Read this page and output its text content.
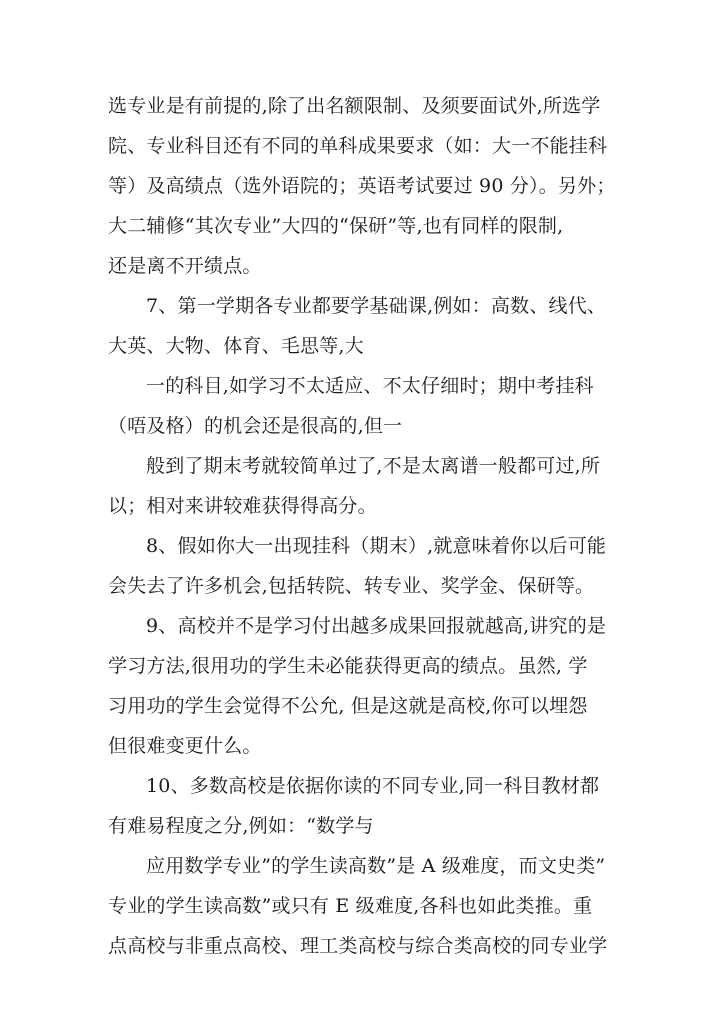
选专业是有前提的,除了出名额限制、及须要面试外,所选学
院、专业科目还有不同的单科成果要求（如：大一不能挂科
等）及高绩点（选外语院的；英语考试要过 90 分）。另外；
大二辅修“其次专业”大四的“保研”等,也有同样的限制,
还是离不开绩点。
7、第一学期各专业都要学基础课,例如：高数、线代、
大英、大物、体育、毛思等,大
一的科目,如学习不太适应、不太仔细时；期中考挂科
（唔及格）的机会还是很高的,但一
般到了期末考就较简单过了,不是太离谱一般都可过,所
以；相对来讲较难获得得高分。
8、假如你大一出现挂科（期末）,就意味着你以后可能
会失去了许多机会,包括转院、转专业、奖学金、保研等。
9、高校并不是学习付出越多成果回报就越高,讲究的是
学习方法,很用功的学生未必能获得更高的绩点。虽然, 学
习用功的学生会觉得不公允, 但是这就是高校,你可以埋怨
但很难变更什么。
10、多数高校是依据你读的不同专业,同一科目教材都
有难易程度之分,例如：“数学与
应用数学专业”的学生读高数”是 A 级难度，而文史类”
专业的学生读高数”或只有 E 级难度,各科也如此类推。重
点高校与非重点高校、理工类高校与综合类高校的同专业学
